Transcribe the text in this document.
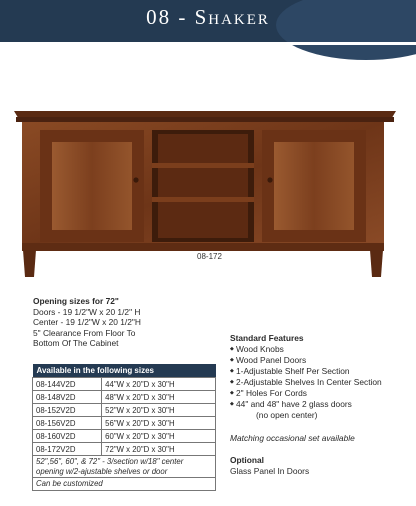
08 - Shaker
08-172
Opening sizes for 72"
Doors - 19 1/2"W x 20 1/2" H
Center - 19 1/2"W x 20 1/2"H
5" Clearance From Floor To
Bottom Of The Cabinet
Available in the following sizes	
08-144V2D	44"W x 20"D x 30"H
08-148V2D	48"W x 20"D x 30"H
08-152V2D	52"W x 20"D x 30"H
08-156V2D	56"W x 20"D x 30"H
08-160V2D	60"W x 20"D x 30"H
08-172V2D	72"W x 20"D x 30"H
52",56", 60", & 72" - 3/section w/18" center opening w/2-ajustable shelves or door	
Can be customized	
Standard Features
◆ Wood Knobs
◆ Wood Panel Doors
◆ 1-Adjustable Shelf Per Section
◆ 2-Adjustable Shelves In Center Section
◆ 2" Holes For Cords
◆ 44" and 48" have 2 glass doors
(no open center)
Matching occasional set available
Optional
Glass Panel In Doors
